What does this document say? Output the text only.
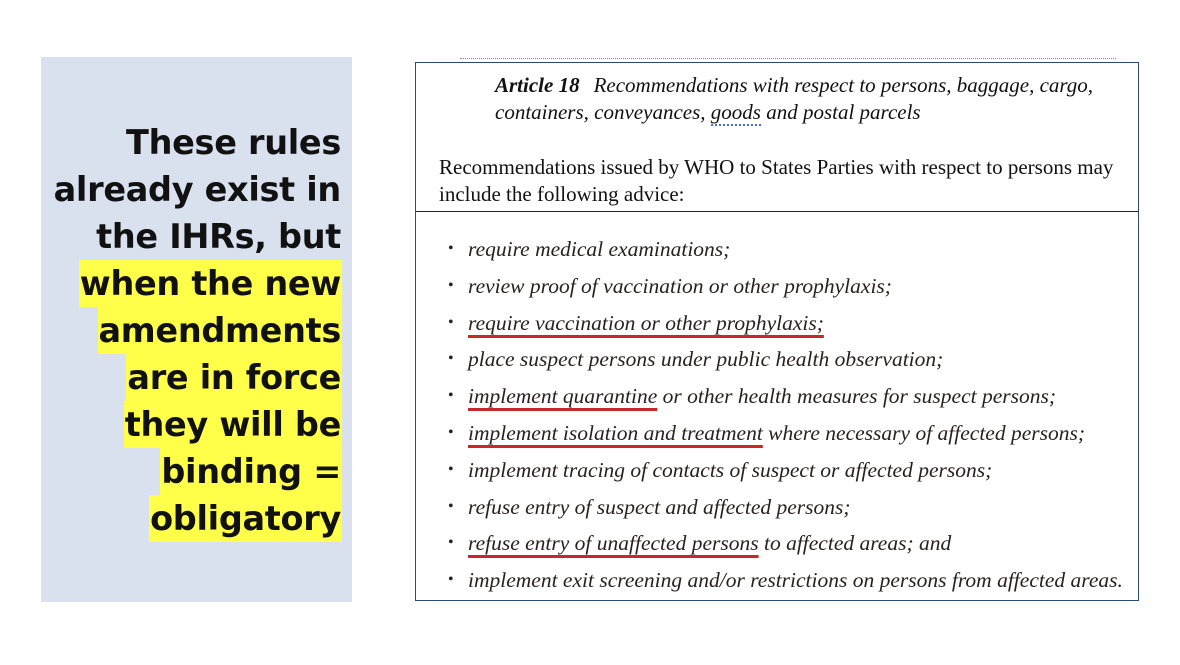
These rules
already exist in
the IHRs, but
when the new
amendments
are in force
they will be
binding =
obligatory
Article 18 Recommendations with respect to persons, baggage, cargo,
containers, conveyances, goods and postal parcels
Recommendations issued by WHO to States Parties with respect to persons may
include the following advice:
• require medical examinations;
• review proof of vaccination or other prophylaxis;
• require vaccination or other prophylaxis;
• place suspect persons under public health observation;
• implement quarantine or other health measures for suspect persons;
• implement isolation and treatment where necessary of affected persons;
• implement tracing of contacts of suspect or affected persons;
• refuse entry of suspect and affected persons;
• refuse entry of unaffected persons to affected areas; and
• implement exit screening and/or restrictions on persons from affected areas.
